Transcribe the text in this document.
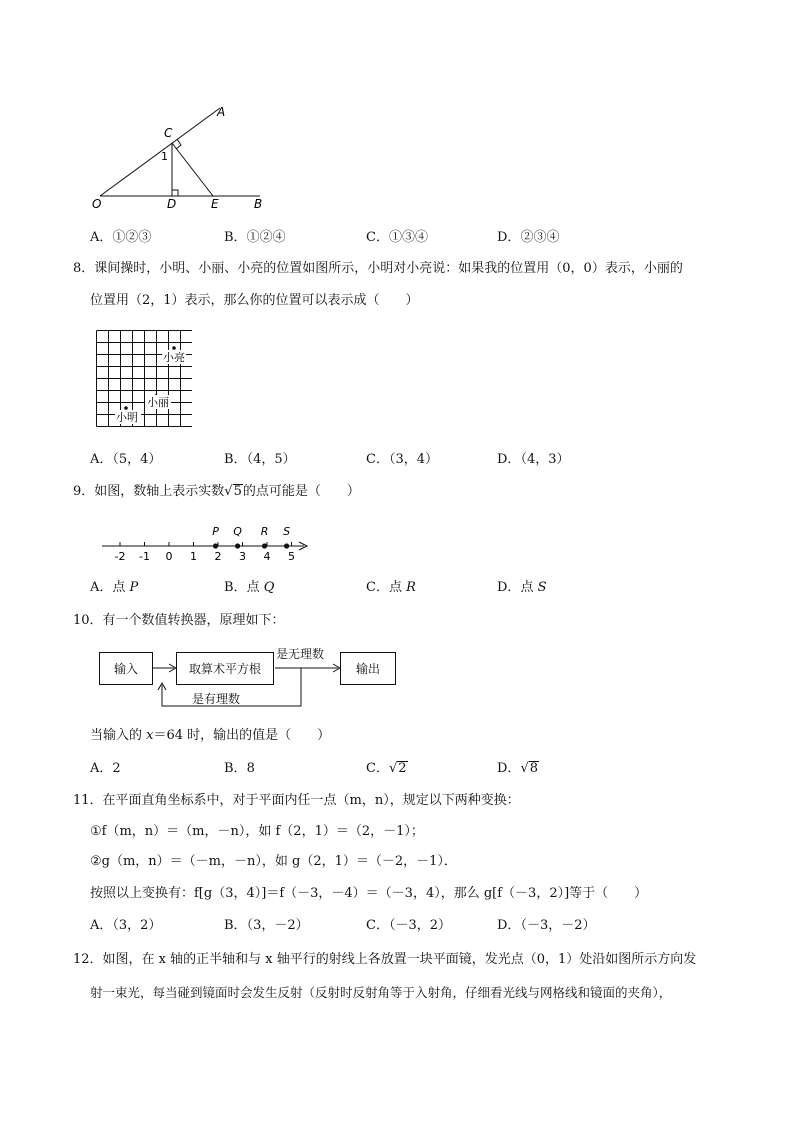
A
C
1
O	D	E	B
A．①②③	B．①②④	C．①③④	D．②③④
8．课间操时，小明、小丽、小亮的位置如图所示，小明对小亮说：如果我的位置用（0，0）表示，小丽的
位置用（2，1）表示，那么你的位置可以表示成（　　）
小亮
小丽
小明
A．（5，4）	B．（4，5）	C．（3，4）	D．（4，3）
9．如图，数轴上表示实数√5的点可能是（　　）
-2 -1 0 1 2 3 4 5
P Q R S
A．点 P	B．点 Q	C．点 R	D．点 S
10．有一个数值转换器，原理如下：
输入	取算术平方根	输出
是无理数
是有理数
当输入的 x＝64 时，输出的值是（　　）
A．2	B．8	C．√2	D．√8
11．在平面直角坐标系中，对于平面内任一点（m，n），规定以下两种变换：
①f（m，n）＝（m，－n），如 f（2，1）＝（2，－1）；
②g（m，n）＝（－m，－n），如 g（2，1）＝（－2，－1）．
按照以上变换有：f[g（3，4）]＝f（－3，－4）＝（－3，4），那么 g[f（－3，2）]等于（　　）
A．（3，2）	B．（3，－2）	C．（－3，2）	D．（－3，－2）
12．如图，在 x 轴的正半轴和与 x 轴平行的射线上各放置一块平面镜，发光点（0，1）处沿如图所示方向发
射一束光，每当碰到镜面时会发生反射（反射时反射角等于入射角，仔细看光线与网格线和镜面的夹角），
